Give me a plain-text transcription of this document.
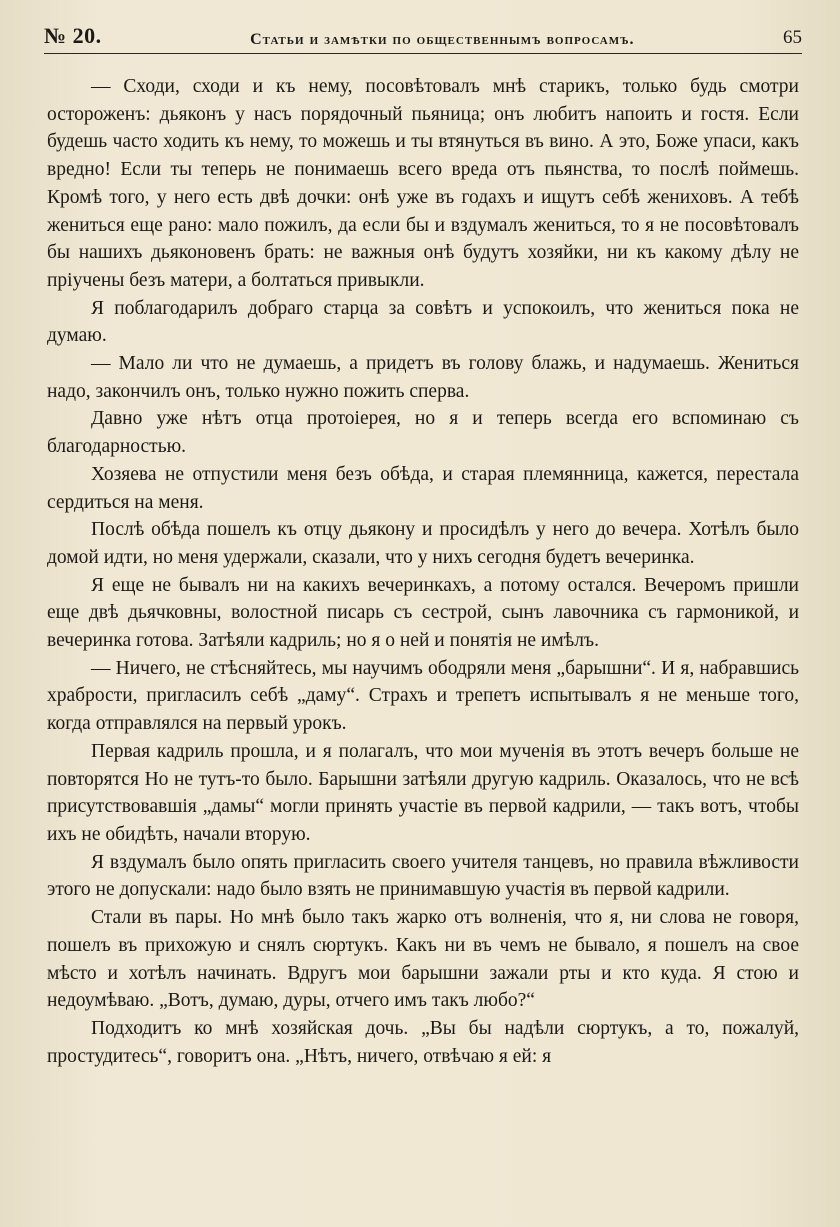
№ 20.	Статьи и замѣтки по общественнымъ вопросамъ.	65

— Сходи, сходи и къ нему, посовѣтовалъ мнѣ старикъ, только будь смотри остороженъ: дьяконъ у насъ порядочный пьяница; онъ любитъ напоить и гостя. Если будешь часто ходить къ нему, то можешь и ты втянуться въ вино. А это, Боже упаси, какъ вредно! Если ты теперь не понимаешь всего вреда отъ пьянства, то послѣ поймешь. Кромѣ того, у него есть двѣ дочки: онѣ уже въ годахъ и ищутъ себѣ жениховъ. А тебѣ жениться еще рано: мало пожилъ, да если бы и вздумалъ жениться, то я не посовѣтовалъ бы нашихъ дьяконовенъ брать: не важныя онѣ будутъ хозяйки, ни къ какому дѣлу не пріучены безъ матери, а болтаться привыкли.

Я поблагодарилъ добраго старца за совѣтъ и успокоилъ, что жениться пока не думаю.

— Мало ли что не думаешь, а придетъ въ голову блажь, и надумаешь. Жениться надо, закончилъ онъ, только нужно пожить сперва.

Давно уже нѣтъ отца протоіерея, но я и теперь всегда его вспоминаю съ благодарностью.

Хозяева не отпустили меня безъ обѣда, и старая племянница, кажется, перестала сердиться на меня.

Послѣ обѣда пошелъ къ отцу дьякону и просидѣлъ у него до вечера. Хотѣлъ было домой идти, но меня удержали, сказали, что у нихъ сегодня будетъ вечеринка.

Я еще не бывалъ ни на какихъ вечеринкахъ, а потому остался. Вечеромъ пришли еще двѣ дьячковны, волостной писарь съ сестрой, сынъ лавочника съ гармоникой, и вечеринка готова. Затѣяли кадриль; но я о ней и понятія не имѣлъ.

— Ничего, не стѣсняйтесь, мы научимъ ободряли меня „барышни“. И я, набравшись храбрости, пригласилъ себѣ „даму“. Страхъ и трепетъ испытывалъ я не меньше того, когда отправлялся на первый урокъ.

Первая кадриль прошла, и я полагалъ, что мои мученія въ этотъ вечеръ больше не повторятся Но не тутъ-то было. Барышни затѣяли другую кадриль. Оказалось, что не всѣ присутствовавшія „дамы“ могли принять участіе въ первой кадрили, — такъ вотъ, чтобы ихъ не обидѣть, начали вторую.

Я вздумалъ было опять пригласить своего учителя танцевъ, но правила вѣжливости этого не допускали: надо было взять не принимавшую участія въ первой кадрили.

Стали въ пары. Но мнѣ было такъ жарко отъ волненія, что я, ни слова не говоря, пошелъ въ прихожую и снялъ сюртукъ. Какъ ни въ чемъ не бывало, я пошелъ на свое мѣсто и хотѣлъ начинать. Вдругъ мои барышни зажали рты и кто куда. Я стою и недоумѣваю. „Вотъ, думаю, дуры, отчего имъ такъ любо?“

Подходитъ ко мнѣ хозяйская дочь. „Вы бы надѣли сюртукъ, а то, пожалуй, простудитесь“, говоритъ она. „Нѣтъ, ничего, отвѣчаю я ей: я
